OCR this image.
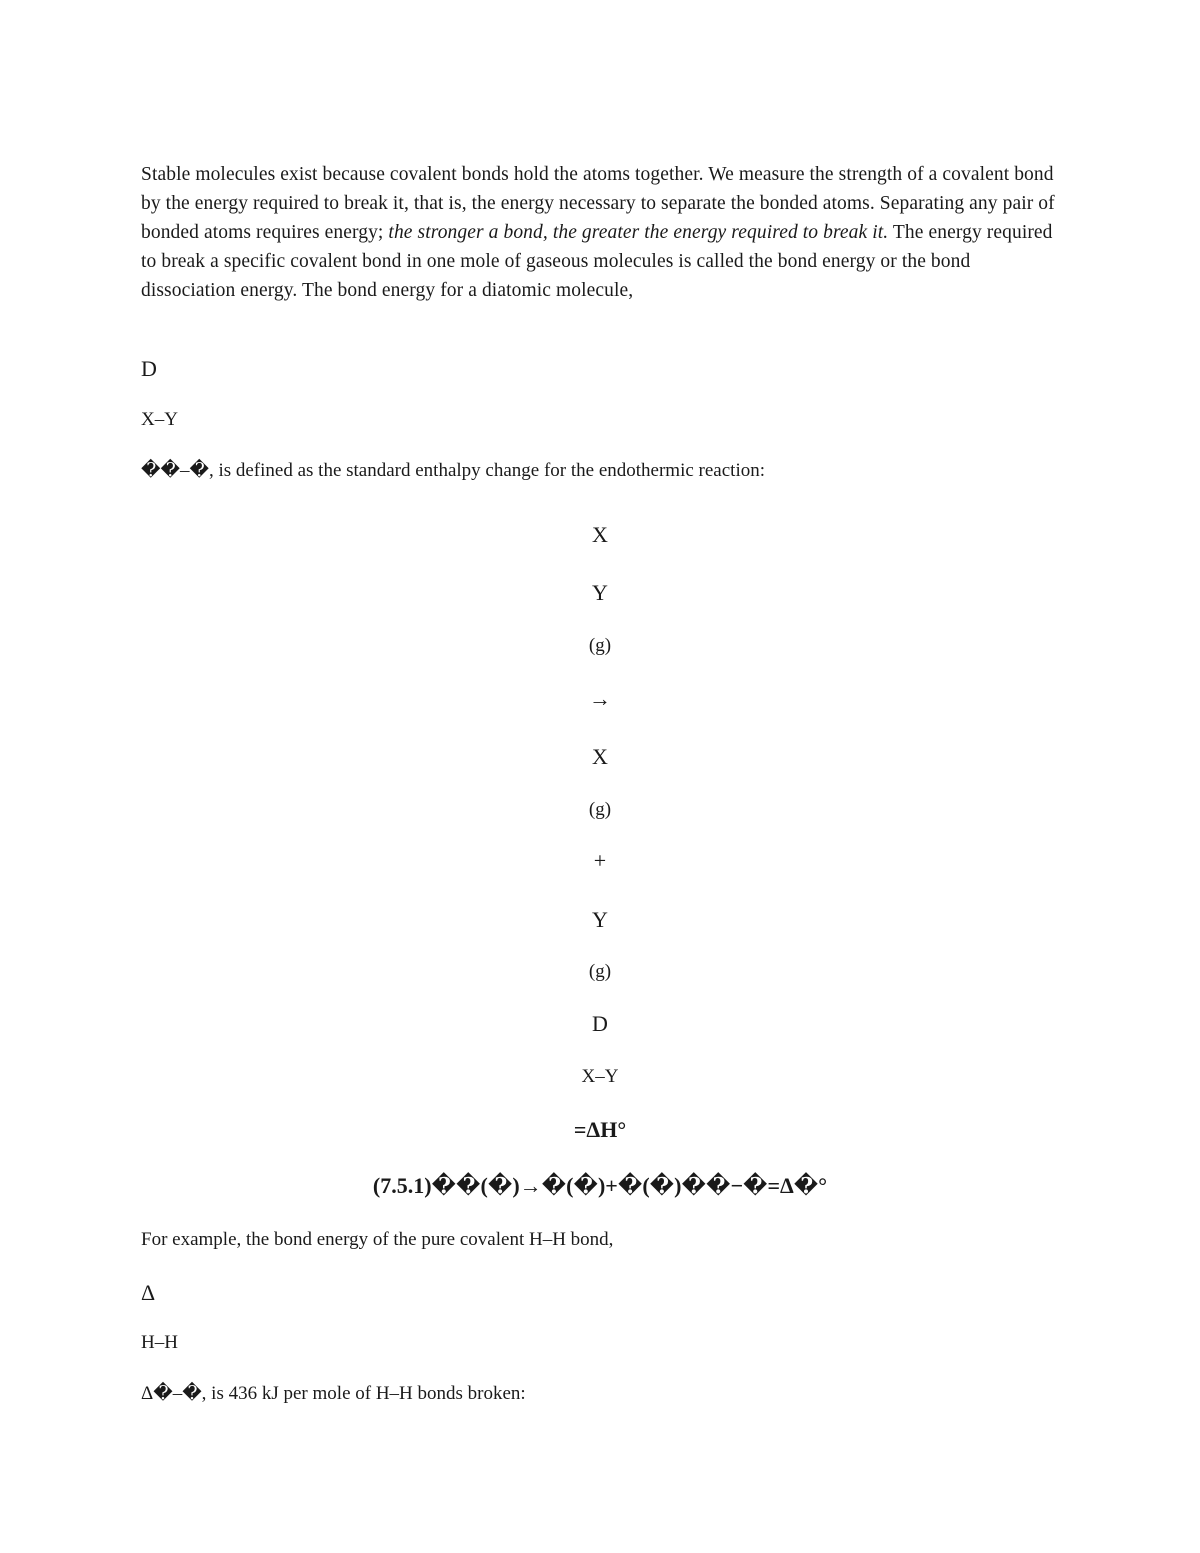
Stable molecules exist because covalent bonds hold the atoms together. We measure the strength of a covalent bond by the energy required to break it, that is, the energy necessary to separate the bonded atoms. Separating any pair of bonded atoms requires energy; the stronger a bond, the greater the energy required to break it. The energy required to break a specific covalent bond in one mole of gaseous molecules is called the bond energy or the bond dissociation energy. The bond energy for a diatomic molecule,

D

X–Y

��–�, is defined as the standard enthalpy change for the endothermic reaction:

X

Y

(g)

→

X

(g)

+

Y

(g)

D

X–Y

=ΔH°

(7.5.1)��(�)→�(�)+�(�)��−�=Δ�°

For example, the bond energy of the pure covalent H–H bond,

Δ

H–H

Δ�–�, is 436 kJ per mole of H–H bonds broken:
